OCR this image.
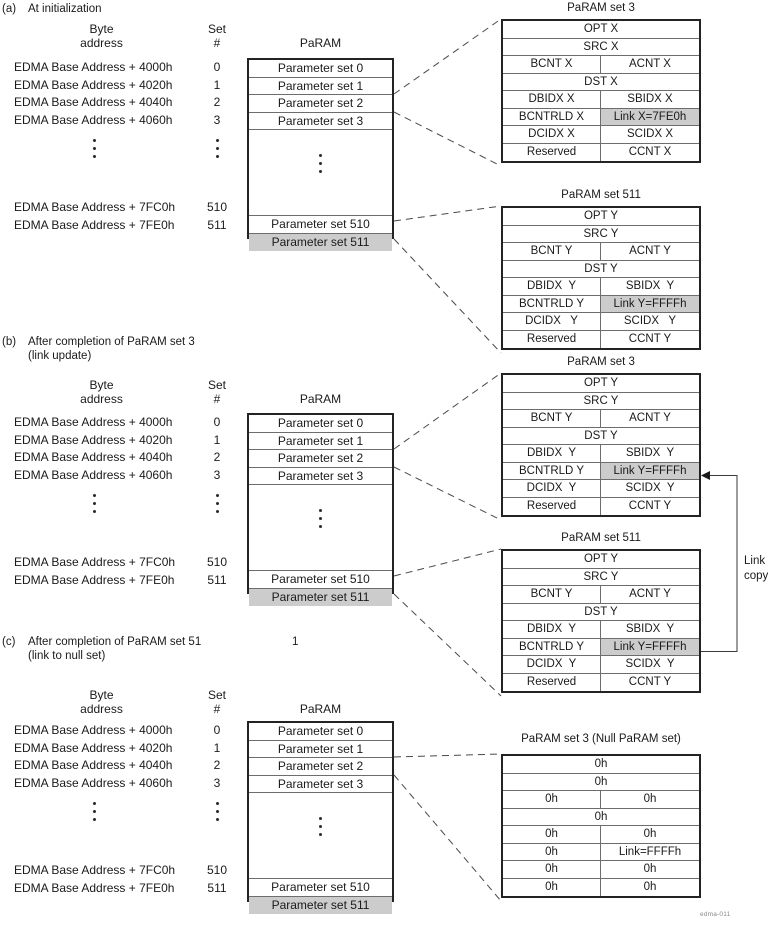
(a) At initialization
Byte
address
Set
#	PaRAM
EDMA Base Address + 4000h	0
EDMA Base Address + 4020h	1
EDMA Base Address + 4040h	2
EDMA Base Address + 4060h	3
EDMA Base Address + 7FC0h	510
EDMA Base Address + 7FE0h	511
Parameter set 0
Parameter set 1
Parameter set 2
Parameter set 3
Parameter set 510
Parameter set 511
PaRAM set 3
OPT X
SRC X
BCNT X	ACNT X
DST X
DBIDX X	SBIDX X
BCNTRLD X	Link X=7FE0h
DCIDX X	SCIDX X
Reserved	CCNT X
PaRAM set 511
OPT Y
SRC Y
BCNT Y	ACNT Y
DST Y
DBIDX  Y	SBIDX  Y
BCNTRLD Y	Link Y=FFFFh
DCIDX   Y	SCIDX   Y
Reserved	CCNT Y
(b) After completion of PaRAM set 3
(link update)
Byte
address
Set
#	PaRAM
EDMA Base Address + 4000h	0
EDMA Base Address + 4020h	1
EDMA Base Address + 4040h	2
EDMA Base Address + 4060h	3
EDMA Base Address + 7FC0h	510
EDMA Base Address + 7FE0h	511
Parameter set 0
Parameter set 1
Parameter set 2
Parameter set 3
Parameter set 510
Parameter set 511
PaRAM set 3
OPT Y
SRC Y
BCNT Y	ACNT Y
DST Y
DBIDX  Y	SBIDX  Y
BCNTRLD Y	Link Y=FFFFh
DCIDX  Y	SCIDX  Y
Reserved	CCNT Y
PaRAM set 511
OPT Y
SRC Y
BCNT Y	ACNT Y
DST Y
DBIDX  Y	SBIDX  Y
BCNTRLD Y	Link Y=FFFFh
DCIDX  Y	SCIDX  Y
Reserved	CCNT Y
(c) After completion of PaRAM set 51
(link to null set)
1
Byte
address
Set
#	PaRAM
EDMA Base Address + 4000h	0
EDMA Base Address + 4020h	1
EDMA Base Address + 4040h	2
EDMA Base Address + 4060h	3
EDMA Base Address + 7FC0h	510
EDMA Base Address + 7FE0h	511
Parameter set 0
Parameter set 1
Parameter set 2
Parameter set 3
Parameter set 510
Parameter set 511
PaRAM set 3 (Null PaRAM set)
0h
0h
0h	0h
0h
0h	0h
0h	Link=FFFFh
0h	0h
0h	0h
Link
copy
edma-011
